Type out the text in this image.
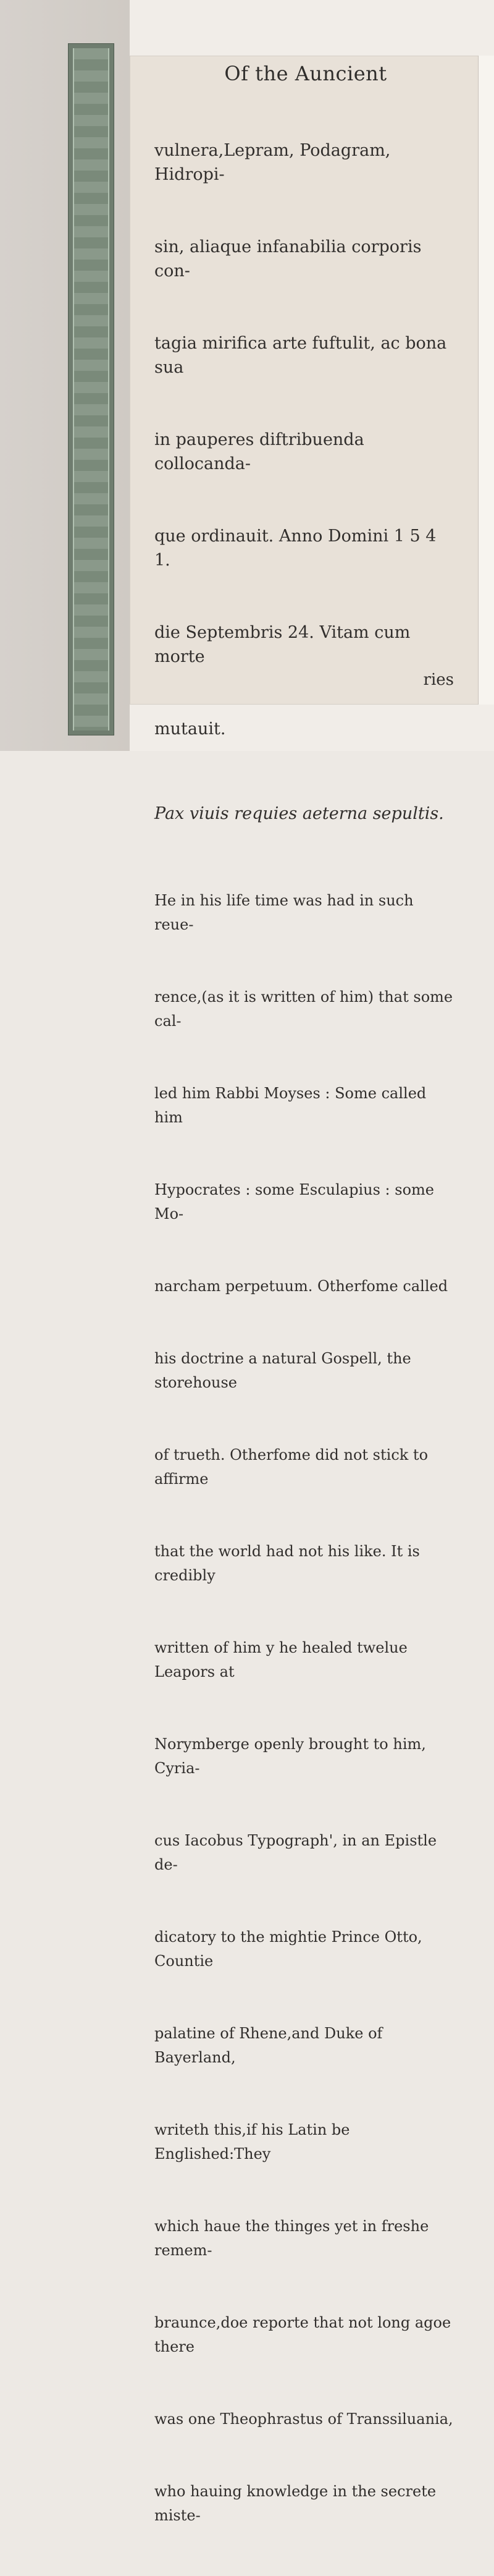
Of the Auncient

vulnera,Lepram, Podagram, Hidropi-

sin, aliaque infanabilia corporis con-

tagia mirifica arte fuftulit, ac bona sua

in pauperes diftribuenda collocanda-

que ordinauit. Anno Domini 1 5 4 1.

die Septembris 24. Vitam cum morte

mutauit.

Pax viuis requies aeterna sepultis.

He in his life time was had in such reue-

rence,(as it is written of him) that some cal-

led him Rabbi Moyses : Some called him

Hypocrates : some Esculapius : some Mo-

narcham perpetuum. Otherfome called

his doctrine a natural Gospell, the storehouse

of trueth. Otherfome did not stick to affirme

that the world had not his like. It is credibly

written of him y he healed twelue Leapors at

Norymberge openly brought to him, Cyria-

cus Iacobus Typograph', in an Epistle de-

dicatory to the mightie Prince Otto, Countie

palatine of Rhene,and Duke of Bayerland,

writeth this,if his Latin be Englished:They

which haue the thinges yet in freshe remem-

braunce,doe reporte that not long agoe there

was one Theophrastus of Transsiluania,

who hauing knowledge in the secrete miste-

ries
